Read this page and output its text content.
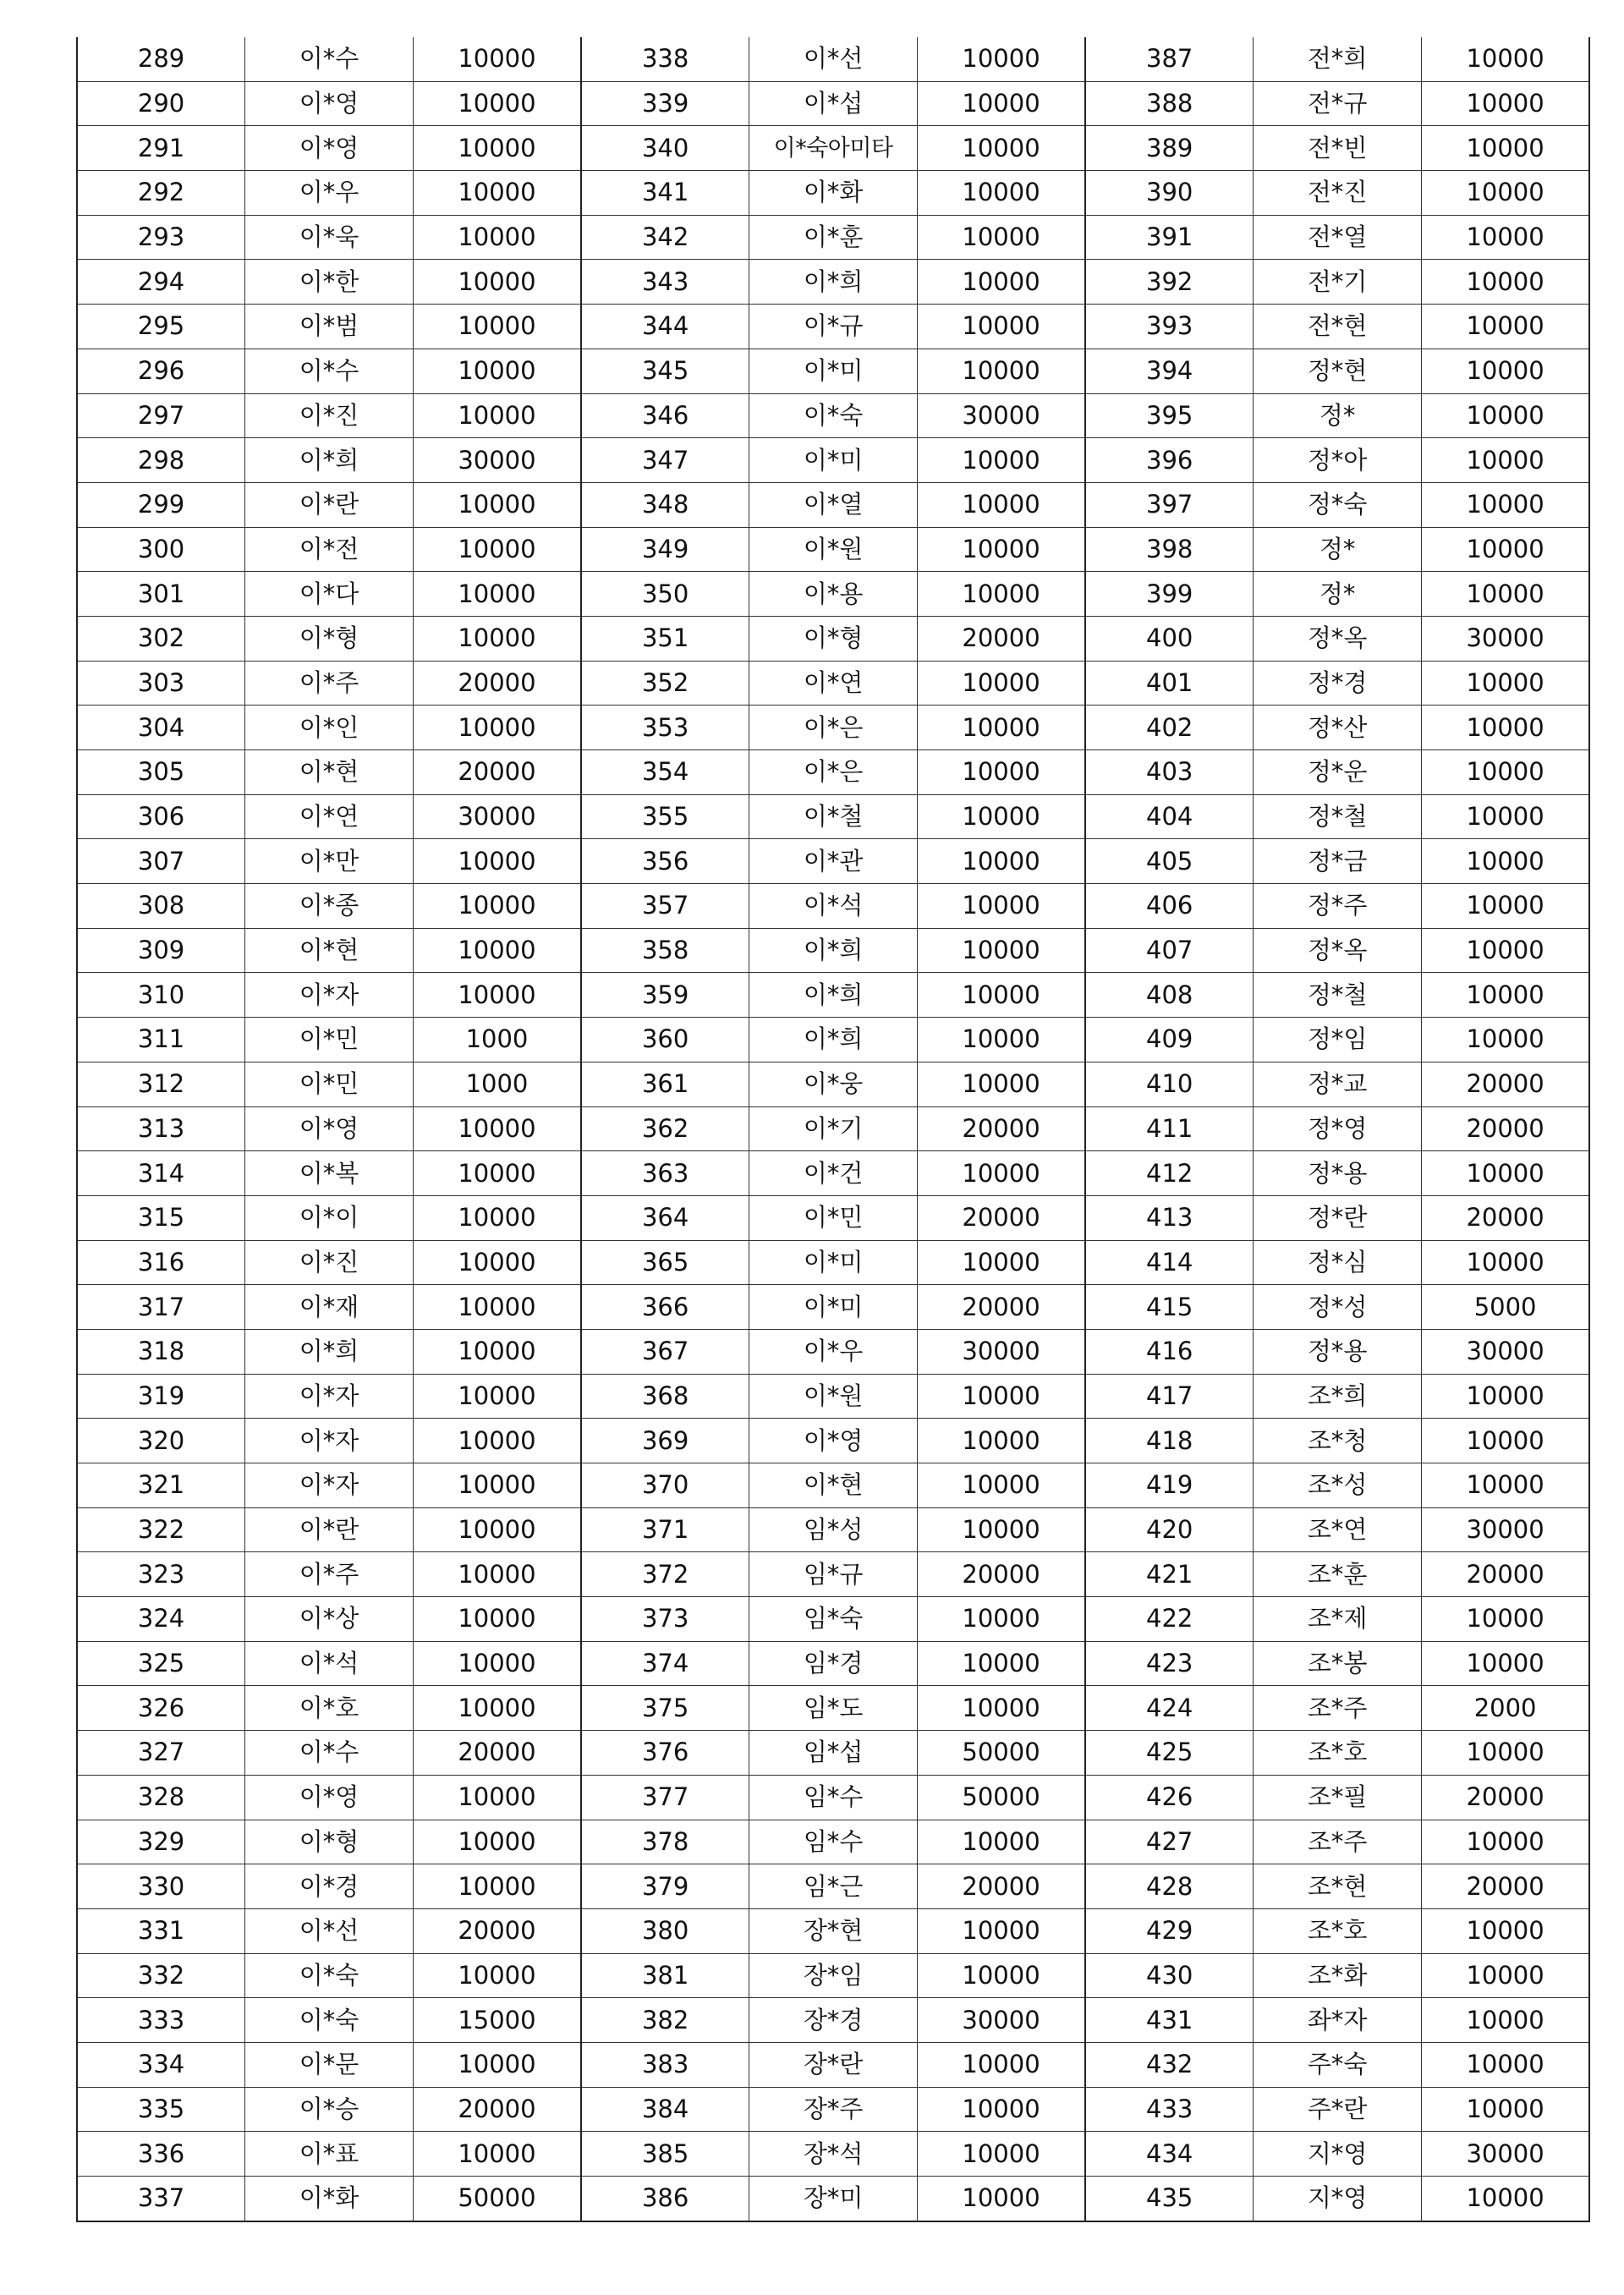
289	이*수	10000	338	이*선	10000	387	전*희	10000
290	이*영	10000	339	이*섭	10000	388	전*규	10000
291	이*영	10000	340	이*숙아미타	10000	389	전*빈	10000
292	이*우	10000	341	이*화	10000	390	전*진	10000
293	이*욱	10000	342	이*훈	10000	391	전*열	10000
294	이*한	10000	343	이*희	10000	392	전*기	10000
295	이*범	10000	344	이*규	10000	393	전*현	10000
296	이*수	10000	345	이*미	10000	394	정*현	10000
297	이*진	10000	346	이*숙	30000	395	정*	10000
298	이*희	30000	347	이*미	10000	396	정*아	10000
299	이*란	10000	348	이*열	10000	397	정*숙	10000
300	이*전	10000	349	이*원	10000	398	정*	10000
301	이*다	10000	350	이*용	10000	399	정*	10000
302	이*형	10000	351	이*형	20000	400	정*옥	30000
303	이*주	20000	352	이*연	10000	401	정*경	10000
304	이*인	10000	353	이*은	10000	402	정*산	10000
305	이*현	20000	354	이*은	10000	403	정*운	10000
306	이*연	30000	355	이*철	10000	404	정*철	10000
307	이*만	10000	356	이*관	10000	405	정*금	10000
308	이*종	10000	357	이*석	10000	406	정*주	10000
309	이*현	10000	358	이*희	10000	407	정*옥	10000
310	이*자	10000	359	이*희	10000	408	정*철	10000
311	이*민	1000	360	이*희	10000	409	정*임	10000
312	이*민	1000	361	이*웅	10000	410	정*교	20000
313	이*영	10000	362	이*기	20000	411	정*영	20000
314	이*복	10000	363	이*건	10000	412	정*용	10000
315	이*이	10000	364	이*민	20000	413	정*란	20000
316	이*진	10000	365	이*미	10000	414	정*심	10000
317	이*재	10000	366	이*미	20000	415	정*성	5000
318	이*희	10000	367	이*우	30000	416	정*용	30000
319	이*자	10000	368	이*원	10000	417	조*희	10000
320	이*자	10000	369	이*영	10000	418	조*청	10000
321	이*자	10000	370	이*현	10000	419	조*성	10000
322	이*란	10000	371	임*성	10000	420	조*연	30000
323	이*주	10000	372	임*규	20000	421	조*훈	20000
324	이*상	10000	373	임*숙	10000	422	조*제	10000
325	이*석	10000	374	임*경	10000	423	조*봉	10000
326	이*호	10000	375	임*도	10000	424	조*주	2000
327	이*수	20000	376	임*섭	50000	425	조*호	10000
328	이*영	10000	377	임*수	50000	426	조*필	20000
329	이*형	10000	378	임*수	10000	427	조*주	10000
330	이*경	10000	379	임*근	20000	428	조*현	20000
331	이*선	20000	380	장*현	10000	429	조*호	10000
332	이*숙	10000	381	장*임	10000	430	조*화	10000
333	이*숙	15000	382	장*경	30000	431	좌*자	10000
334	이*문	10000	383	장*란	10000	432	주*숙	10000
335	이*승	20000	384	장*주	10000	433	주*란	10000
336	이*표	10000	385	장*석	10000	434	지*영	30000
337	이*화	50000	386	장*미	10000	435	지*영	10000
